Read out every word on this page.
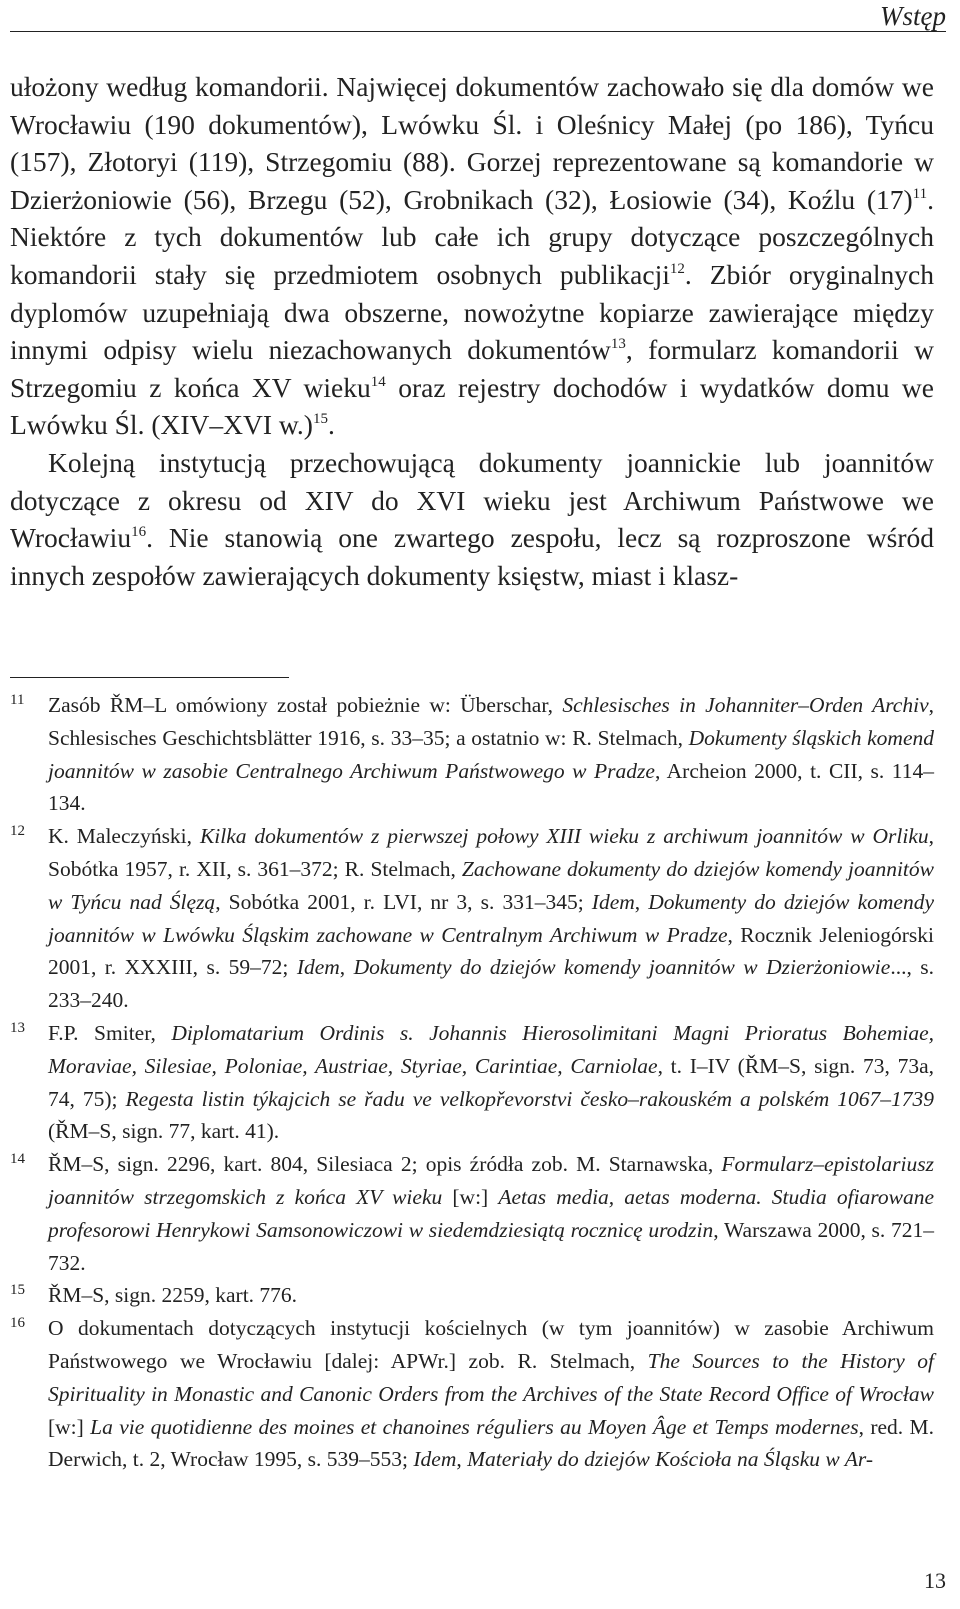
Wstęp

ułożony według komandorii. Najwięcej dokumentów zachowało się dla domów we Wrocławiu (190 dokumentów), Lwówku Śl. i Oleśnicy Małej (po 186), Tyńcu (157), Złotoryi (119), Strzegomiu (88). Gorzej reprezentowane są komandorie w Dzierżoniowie (56), Brzegu (52), Grobnikach (32), Łosiowie (34), Koźlu $(17)^{11}$. Niektóre z tych dokumentów lub całe ich grupy dotyczące poszczególnych komandorii stały się przedmiotem osobnych publikacji$^{12}$. Zbiór oryginalnych dyplomów uzupełniają dwa obszerne, nowożytne kopiarze zawierające między innymi odpisy wielu niezachowanych dokumentów$^{13}$, formularz komandorii w Strzegomiu z końca XV wieku$^{14}$ oraz rejestry dochodów i wydatków domu we Lwówku Śl. (XIV–XVI w.)$^{15}$.

Kolejną instytucją przechowującą dokumenty joannickie lub joannitów dotyczące z okresu od XIV do XVI wieku jest Archiwum Państwowe we Wrocławiu$^{16}$. Nie stanowią one zwartego zespołu, lecz są rozproszone wśród innych zespołów zawierających dokumenty księstw, miast i klasz-

11 Zasób ŘM–L omówiony został pobieżnie w: Überschar, Schlesisches in Johanniter–Orden Archiv, Schlesisches Geschichtsblätter 1916, s. 33–35; a ostatnio w: R. Stelmach, Dokumenty śląskich komend joannitów w zasobie Centralnego Archiwum Państwowego w Pradze, Archeion 2000, t. CII, s. 114–134.
12 K. Maleczyński, Kilka dokumentów z pierwszej połowy XIII wieku z archiwum joannitów w Orliku, Sobótka 1957, r. XII, s. 361–372; R. Stelmach, Zachowane dokumenty do dziejów komendy joannitów w Tyńcu nad Ślęzą, Sobótka 2001, r. LVI, nr 3, s. 331–345; Idem, Dokumenty do dziejów komendy joannitów w Lwówku Śląskim zachowane w Centralnym Archiwum w Pradze, Rocznik Jeleniogórski 2001, r. XXXIII, s. 59–72; Idem, Dokumenty do dziejów komendy joannitów w Dzierżoniowie..., s. 233–240.
13 F.P. Smiter, Diplomatarium Ordinis s. Johannis Hierosolimitani Magni Prioratus Bohemiae, Moraviae, Silesiae, Poloniae, Austriae, Styriae, Carintiae, Carniolae, t. I–IV (ŘM–S, sign. 73, 73a, 74, 75); Regesta listin týkajcich se řadu ve velkopřevorstvi česko–rakouském a polském 1067–1739 (ŘM–S, sign. 77, kart. 41).
14 ŘM–S, sign. 2296, kart. 804, Silesiaca 2; opis źródła zob. M. Starnawska, Formularz–epistolariusz joannitów strzegomskich z końca XV wieku [w:] Aetas media, aetas moderna. Studia ofiarowane profesorowi Henrykowi Samsonowiczowi w siedemdziesiątą rocznicę urodzin, Warszawa 2000, s. 721–732.
15 ŘM–S, sign. 2259, kart. 776.
16 O dokumentach dotyczących instytucji kościelnych (w tym joannitów) w zasobie Archiwum Państwowego we Wrocławiu [dalej: APWr.] zob. R. Stelmach, The Sources to the History of Spirituality in Monastic and Canonic Orders from the Archives of the State Record Office of Wrocław [w:] La vie quotidienne des moines et chanoines réguliers au Moyen Âge et Temps modernes, red. M. Derwich, t. 2, Wrocław 1995, s. 539–553; Idem, Materiały do dziejów Kościoła na Śląsku w Ar-
13
